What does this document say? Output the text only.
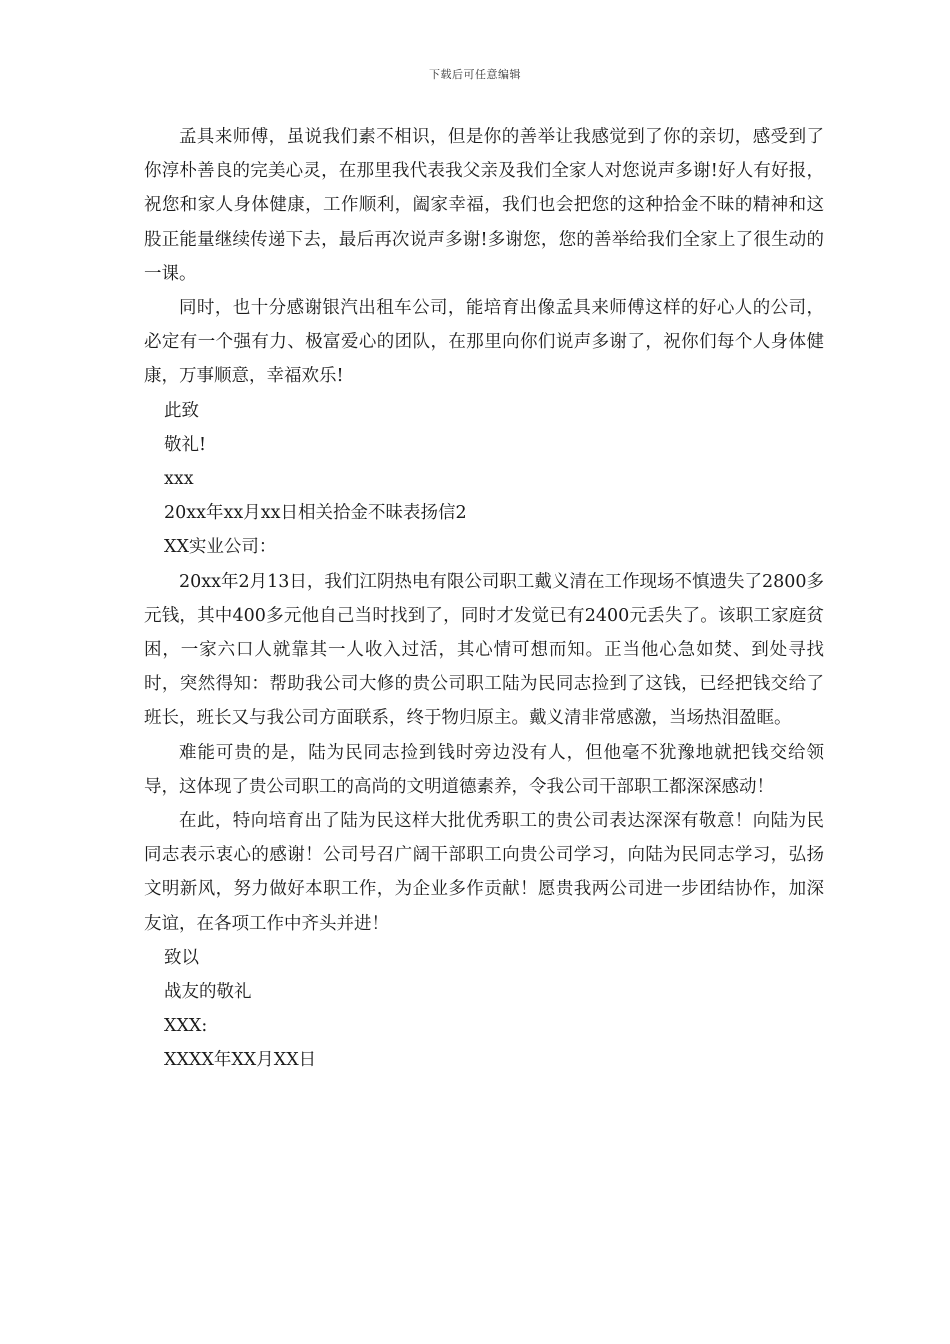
下载后可任意编辑

孟具来师傅，虽说我们素不相识，但是你的善举让我感觉到了你的亲切，感受到了你淳朴善良的完美心灵，在那里我代表我父亲及我们全家人对您说声多谢!好人有好报，祝您和家人身体健康，工作顺利，阖家幸福，我们也会把您的这种拾金不昧的精神和这股正能量继续传递下去，最后再次说声多谢!多谢您，您的善举给我们全家上了很生动的一课。

同时，也十分感谢银汽出租车公司，能培育出像孟具来师傅这样的好心人的公司，必定有一个强有力、极富爱心的团队，在那里向你们说声多谢了，祝你们每个人身体健康，万事顺意，幸福欢乐!

此致

敬礼!

xxx

20xx年xx月xx日相关拾金不昧表扬信2

XX实业公司：

20xx年2月13日，我们江阴热电有限公司职工戴义清在工作现场不慎遗失了2800多元钱，其中400多元他自己当时找到了，同时才发觉已有2400元丢失了。该职工家庭贫困，一家六口人就靠其一人收入过活，其心情可想而知。正当他心急如焚、到处寻找时，突然得知：帮助我公司大修的贵公司职工陆为民同志捡到了这钱，已经把钱交给了班长，班长又与我公司方面联系，终于物归原主。戴义清非常感激，当场热泪盈眶。

难能可贵的是，陆为民同志捡到钱时旁边没有人，但他毫不犹豫地就把钱交给领导，这体现了贵公司职工的高尚的文明道德素养，令我公司干部职工都深深感动！

在此，特向培育出了陆为民这样大批优秀职工的贵公司表达深深有敬意！向陆为民同志表示衷心的感谢！公司号召广阔干部职工向贵公司学习，向陆为民同志学习，弘扬文明新风，努力做好本职工作，为企业多作贡献！愿贵我两公司进一步团结协作，加深友谊，在各项工作中齐头并进！

致以

战友的敬礼

XXX:

XXXX年XX月XX日
